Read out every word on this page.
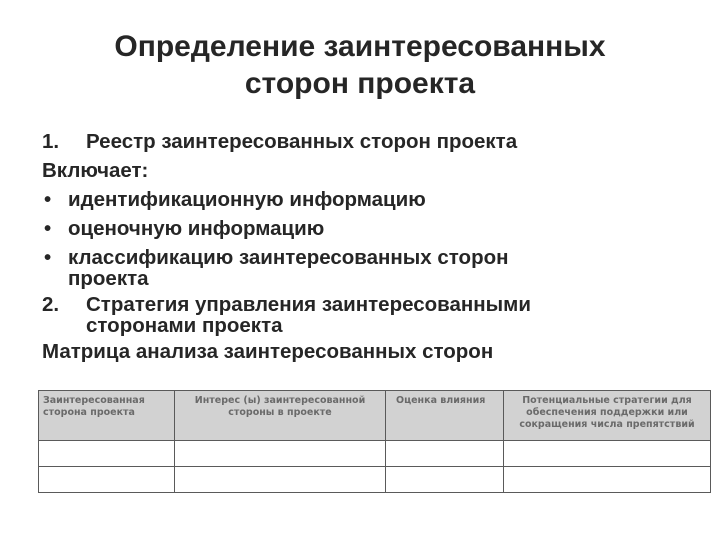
Определение заинтересованных
сторон проекта
1. Реестр заинтересованных сторон проекта
Включает:
• идентификационную информацию
• оценочную информацию
• классификацию заинтересованных сторон
проекта
2. Стратегия управления заинтересованными
сторонами проекта
Матрица анализа заинтересованных сторон
Заинтересованная сторона проекта	Интерес (ы) заинтересованной стороны в проекте	Оценка влияния	Потенциальные стратегии для обеспечения поддержки или сокращения числа препятствий
